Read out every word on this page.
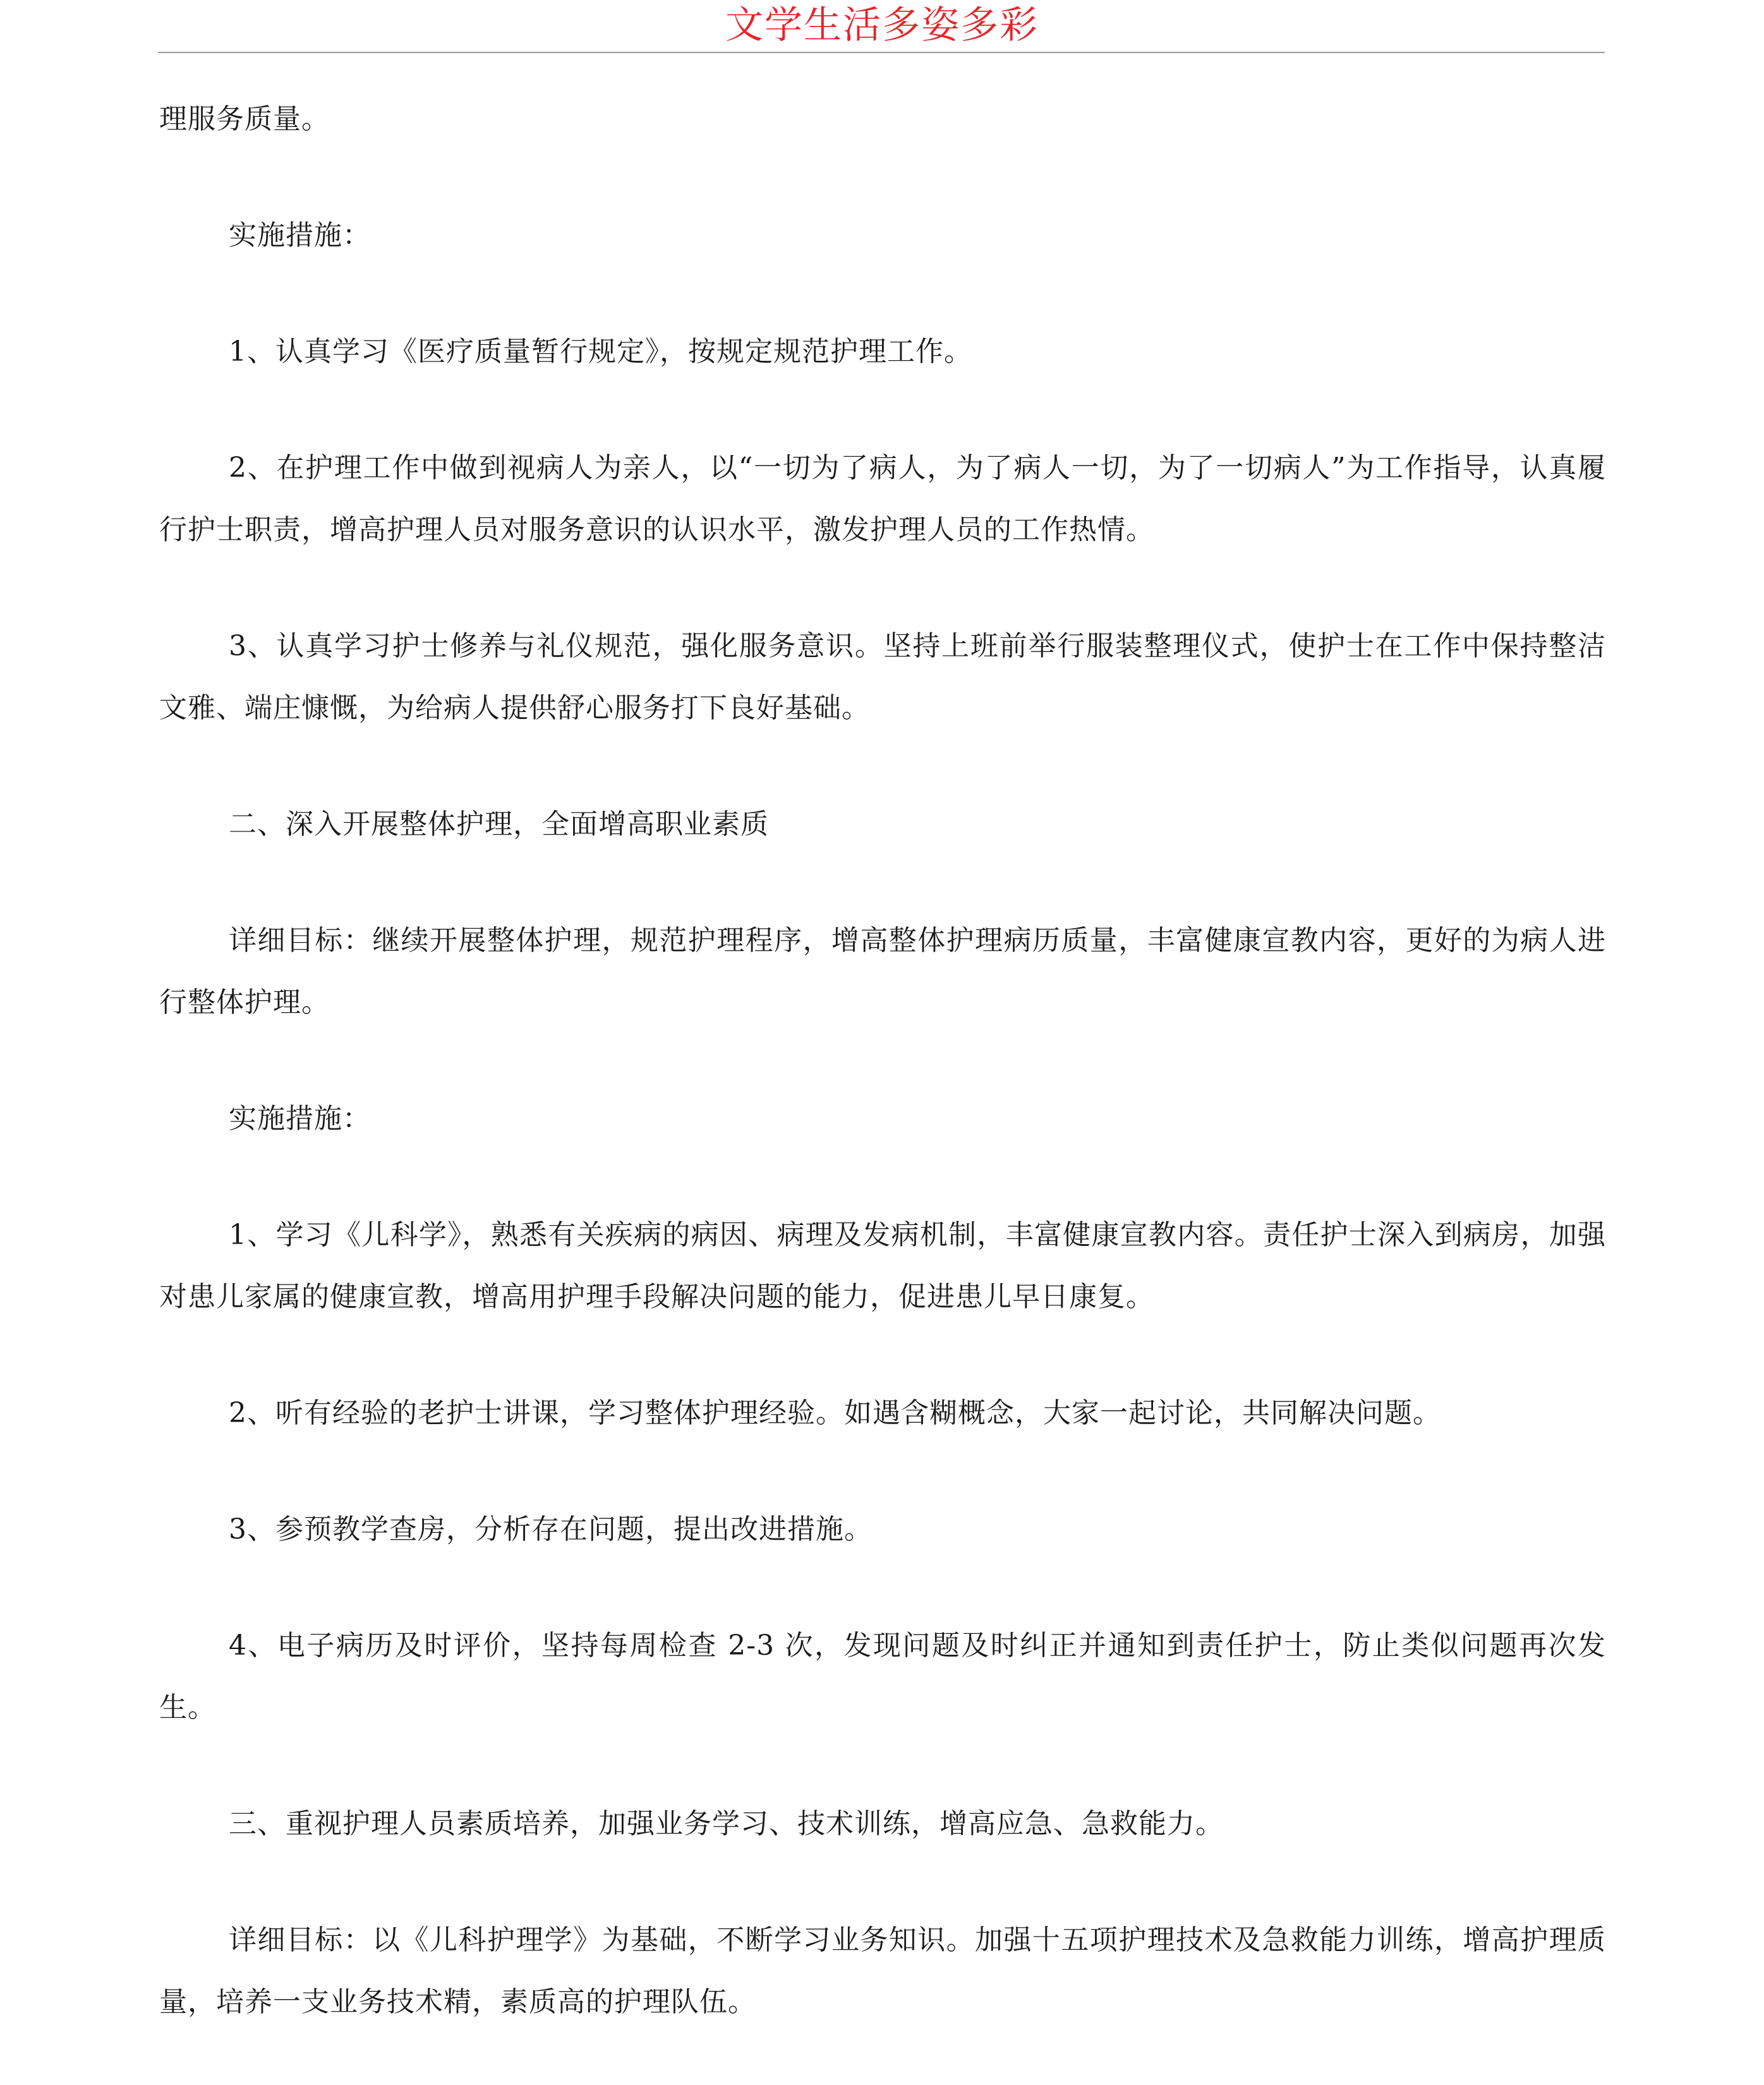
文学生活多姿多彩

理服务质量。

实施措施：

1、认真学习《医疗质量暂行规定》，按规定规范护理工作。

2、在护理工作中做到视病人为亲人，以“一切为了病人，为了病人一切，为了一切病人”为工作指导，认真履行护士职责，增高护理人员对服务意识的认识水平，激发护理人员的工作热情。

3、认真学习护士修养与礼仪规范，强化服务意识。坚持上班前举行服装整理仪式，使护士在工作中保持整洁文雅、端庄慷慨，为给病人提供舒心服务打下良好基础。

二、深入开展整体护理，全面增高职业素质

详细目标：继续开展整体护理，规范护理程序，增高整体护理病历质量，丰富健康宣教内容，更好的为病人进行整体护理。

实施措施：

1、学习《儿科学》，熟悉有关疾病的病因、病理及发病机制，丰富健康宣教内容。责任护士深入到病房，加强对患儿家属的健康宣教，增高用护理手段解决问题的能力，促进患儿早日康复。

2、听有经验的老护士讲课，学习整体护理经验。如遇含糊概念，大家一起讨论，共同解决问题。

3、参预教学查房，分析存在问题，提出改进措施。

4、电子病历及时评价，坚持每周检查 2-3 次，发现问题及时纠正并通知到责任护士，防止类似问题再次发生。

三、重视护理人员素质培养，加强业务学习、技术训练，增高应急、急救能力。

详细目标：以《儿科护理学》为基础，不断学习业务知识。加强十五项护理技术及急救能力训练，增高护理质量，培养一支业务技术精，素质高的护理队伍。
